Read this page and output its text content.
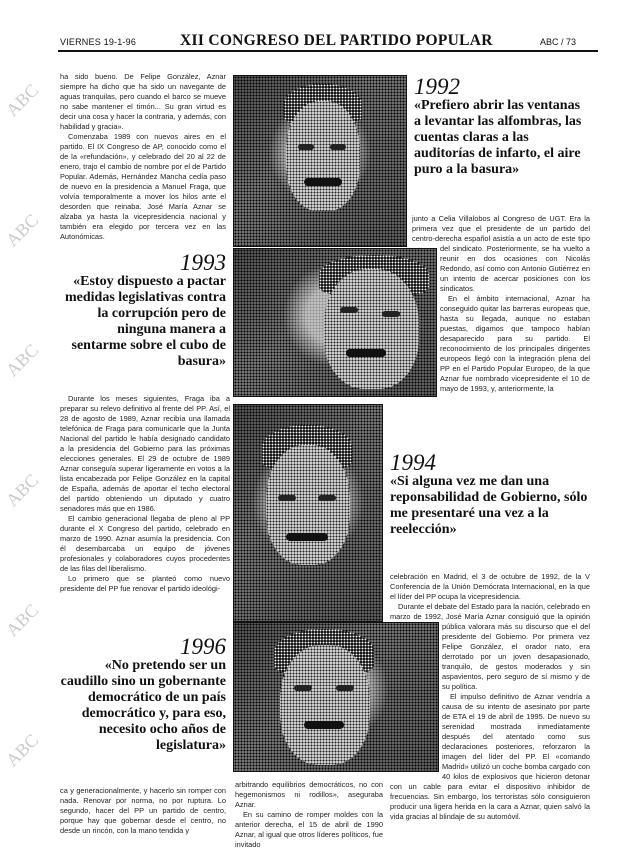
VIERNES 19-1-96	XII CONGRESO DEL PARTIDO POPULAR	ABC / 73
ABC
ABC
ABC
ABC
ABC
ABC

ha sido bueno. De Felipe González, Aznar siempre ha dicho que ha sido un navegante de aguas tranquilas, pero cuando el barco se mueve no sabe mantener el timón... Su gran virtud es decir una cosa y hacer la contraria, y además, con habilidad y gracia».

Comenzaba 1989 con nuevos aires en el partido. El IX Congreso de AP, conocido como el de la «refundación», y celebrado del 20 al 22 de enero, trajo el cambio de nombre por el de Partido Popular. Además, Hernández Mancha cedía paso de nuevo en la presidencia a Manuel Fraga, que volvía temporalmente a mover los hilos ante el desorden que reinaba. José María Aznar se alzaba ya hasta la vicepresidencia nacional y también era elegido por tercera vez en las Autonómicas.

1992
«Prefiero abrir las ventanas a levantar las alfombras, las cuentas claras a las auditorías de infarto, el aire puro a la basura»

junto a Celia Villalobos al Congreso de UGT. Era la primera vez que el presidente de un partido del centro-derecha español asistía a un acto de este tipo del sindicato. Posteriormente, se ha vuelto a reunir en dos ocasiones con Nicolás Redondo, así como con Antonio Gutiérrez en un intento de acercar posiciones con los sindicatos.

En el ámbito internacional, Aznar ha conseguido quitar las barreras europeas que, hasta su llegada, aunque no estaban puestas, digamos que tampoco habían desaparecido para su partido. El reconocimiento de los principales dirigentes europeos llegó con la integración plena del PP en el Partido Popular Europeo, de la que Aznar fue nombrado vicepresidente el 10 de mayo de 1993, y, anteriormente, la

1993
«Estoy dispuesto a pactar medidas legislativas contra la corrupción pero de ninguna manera a sentarme sobre el cubo de basura»

Durante los meses siguientes, Fraga iba a preparar su relevo definitivo al frente del PP. Así, el 28 de agosto de 1989, Aznar recibía una llamada telefónica de Fraga para comunicarle que la Junta Nacional del partido le había designado candidato a la presidencia del Gobierno para las próximas elecciones generales. El 29 de octubre de 1989 Aznar conseguía superar ligeramente en votos a la lista encabezada por Felipe González en la capital de España, además de aportar el techo electoral del partido obteniendo un diputado y cuatro senadores más que en 1986.

El cambio generacional llegaba de pleno al PP durante el X Congreso del partido, celebrado en marzo de 1990. Aznar asumía la presidencia. Con él desembarcaba un equipo de jóvenes profesionales y colaboradores cuyos procedentes de las filas del liberalismo.

Lo primero que se planteó como nuevo presidente del PP fue renovar el partido ideológi-

1994
«Si alguna vez me dan una reponsabilidad de Gobierno, sólo me presentaré una vez a la reelección»

celebración en Madrid, el 3 de octubre de 1992, de la V Conferencia de la Unión Demócrata Internacional, en la que el líder del PP ocupa la vicepresidencia.

Durante el debate del Estado para la nación, celebrado en marzo de 1992, José María Aznar consiguió que la opinión pública valorara más su discurso que el del presidente del Gobierno. Por primera vez Felipe González, el orador nato, era derrotado por un joven desapasionado, tranquilo, de gestos moderados y sin aspavientos, pero seguro de sí mismo y de su política.

El impulso definitivo de Aznar vendría a causa de su intento de asesinato por parte de ETA el 19 de abril de 1995. De nuevo su serenidad mostrada inmediatamente después del atentado como sus declaraciones posteriores, reforzaron la imagen del líder del PP. El «comando Madrid» utilizó un coche bomba cargado con 40 kilos de explosivos que hicieron detonar con un cable para evitar el dispositivo inhibidor de frecuencias. Sin embargo, los terroristas sólo consiguieron producir una ligera herida en la cara a Aznar, quien salvó la vida gracias al blindaje de su automóvil.

1996
«No pretendo ser un caudillo sino un gobernante democrático de un país democrático y, para eso, necesito ocho años de legislatura»

ca y generacionalmente, y hacerlo sin romper con nada. Renovar por norma, no por ruptura. Lo segundo, hacer del PP un partido de centro, porque hay que gobernar desde el centro, no desde un rincón, con la mano tendida y

arbitrando equilibrios democráticos, no con hegemonismos ni rodillos», aseguraba Aznar.

En su camino de romper moldes con la anterior derecha, el 15 de abril de 1990 Aznar, al igual que otros líderes políticos, fue invitado
